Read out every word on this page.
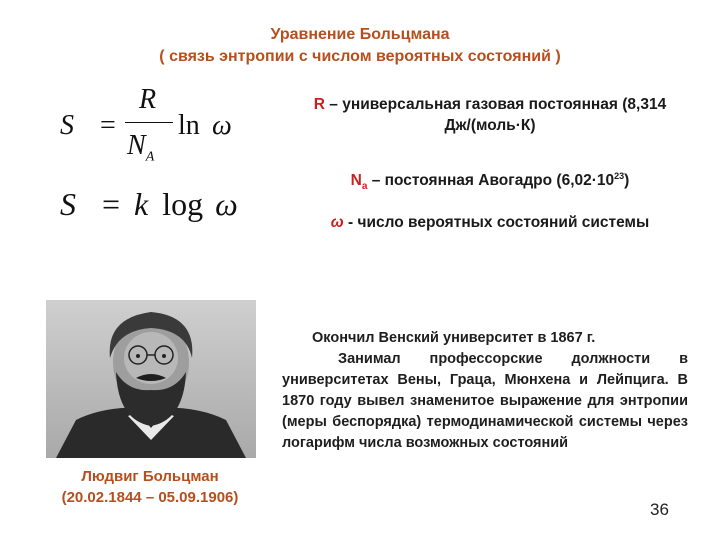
Уравнение Больцмана
( связь энтропии с числом вероятных состояний )
S =
R
$N_A$
ln ω
S = k log ω
R – универсальная газовая постоянная (8,314 Дж/(моль·К)
$N_a$ – постоянная Авогадро $(6,02\cdot 10^{23})$
ω - число вероятных состояний системы
Людвиг Больцман
(20.02.1844 – 05.09.1906)
Окончил Венский университет в 1867 г.
Занимал профессорские должности в университетах Вены, Граца, Мюнхена и Лейпцига. В 1870 году вывел знаменитое выражение для энтропии (меры беспорядка) термодинамической системы через логарифм числа возможных состояний
36
